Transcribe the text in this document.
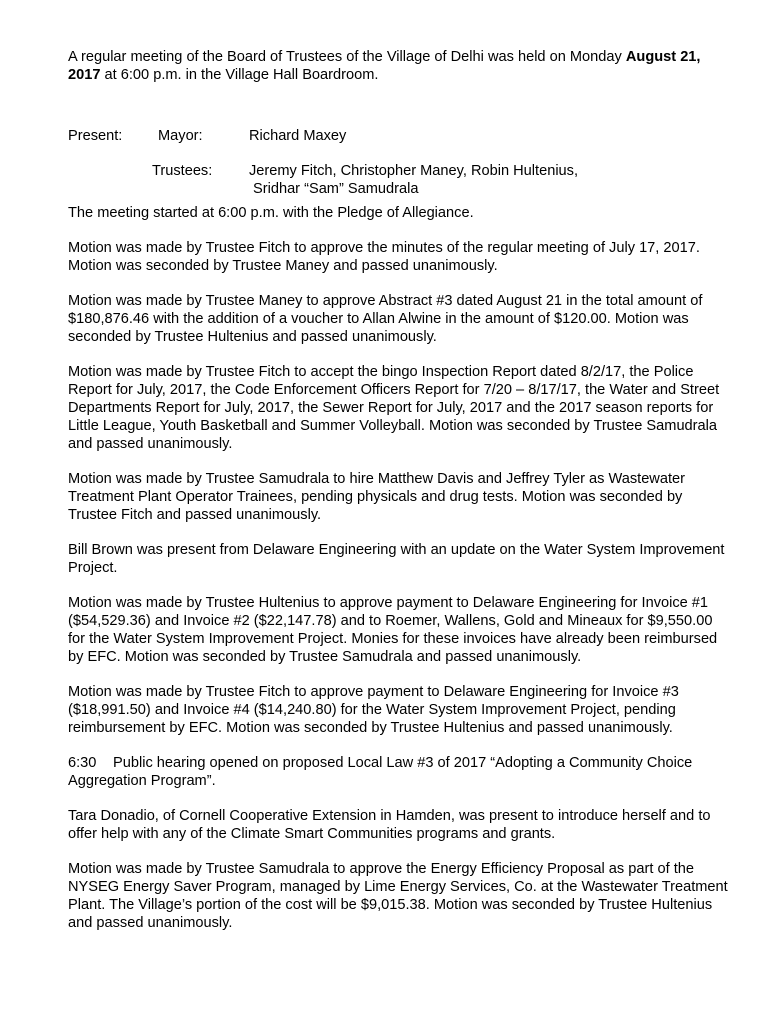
A regular meeting of the Board of Trustees of the Village of Delhi was held on Monday August 21, 2017 at 6:00 p.m. in the Village Hall Boardroom.

Present: Mayor:	Richard Maxey
Trustees:	Jeremy Fitch, Christopher Maney, Robin Hultenius,
Sridhar “Sam” Samudrala

The meeting started at 6:00 p.m. with the Pledge of Allegiance.

Motion was made by Trustee Fitch to approve the minutes of the regular meeting of July 17, 2017. Motion was seconded by Trustee Maney and passed unanimously.

Motion was made by Trustee Maney to approve Abstract #3 dated August 21 in the total amount of $180,876.46 with the addition of a voucher to Allan Alwine in the amount of $120.00. Motion was seconded by Trustee Hultenius and passed unanimously.

Motion was made by Trustee Fitch to accept the bingo Inspection Report dated 8/2/17, the Police Report for July, 2017, the Code Enforcement Officers Report for 7/20 – 8/17/17, the Water and Street Departments Report for July, 2017, the Sewer Report for July, 2017 and the 2017 season reports for Little League, Youth Basketball and Summer Volleyball. Motion was seconded by Trustee Samudrala and passed unanimously.

Motion was made by Trustee Samudrala to hire Matthew Davis and Jeffrey Tyler as Wastewater Treatment Plant Operator Trainees, pending physicals and drug tests. Motion was seconded by Trustee Fitch and passed unanimously.

Bill Brown was present from Delaware Engineering with an update on the Water System Improvement Project.

Motion was made by Trustee Hultenius to approve payment to Delaware Engineering for Invoice #1 ($54,529.36) and Invoice #2 ($22,147.78) and to Roemer, Wallens, Gold and Mineaux for $9,550.00 for the Water System Improvement Project. Monies for these invoices have already been reimbursed by EFC. Motion was seconded by Trustee Samudrala and passed unanimously.

Motion was made by Trustee Fitch to approve payment to Delaware Engineering for Invoice #3 ($18,991.50) and Invoice #4 ($14,240.80) for the Water System Improvement Project, pending reimbursement by EFC. Motion was seconded by Trustee Hultenius and passed unanimously.

6:30 Public hearing opened on proposed Local Law #3 of 2017 “Adopting a Community Choice Aggregation Program”.

Tara Donadio, of Cornell Cooperative Extension in Hamden, was present to introduce herself and to offer help with any of the Climate Smart Communities programs and grants.

Motion was made by Trustee Samudrala to approve the Energy Efficiency Proposal as part of the NYSEG Energy Saver Program, managed by Lime Energy Services, Co. at the Wastewater Treatment Plant. The Village’s portion of the cost will be $9,015.38. Motion was seconded by Trustee Hultenius and passed unanimously.
